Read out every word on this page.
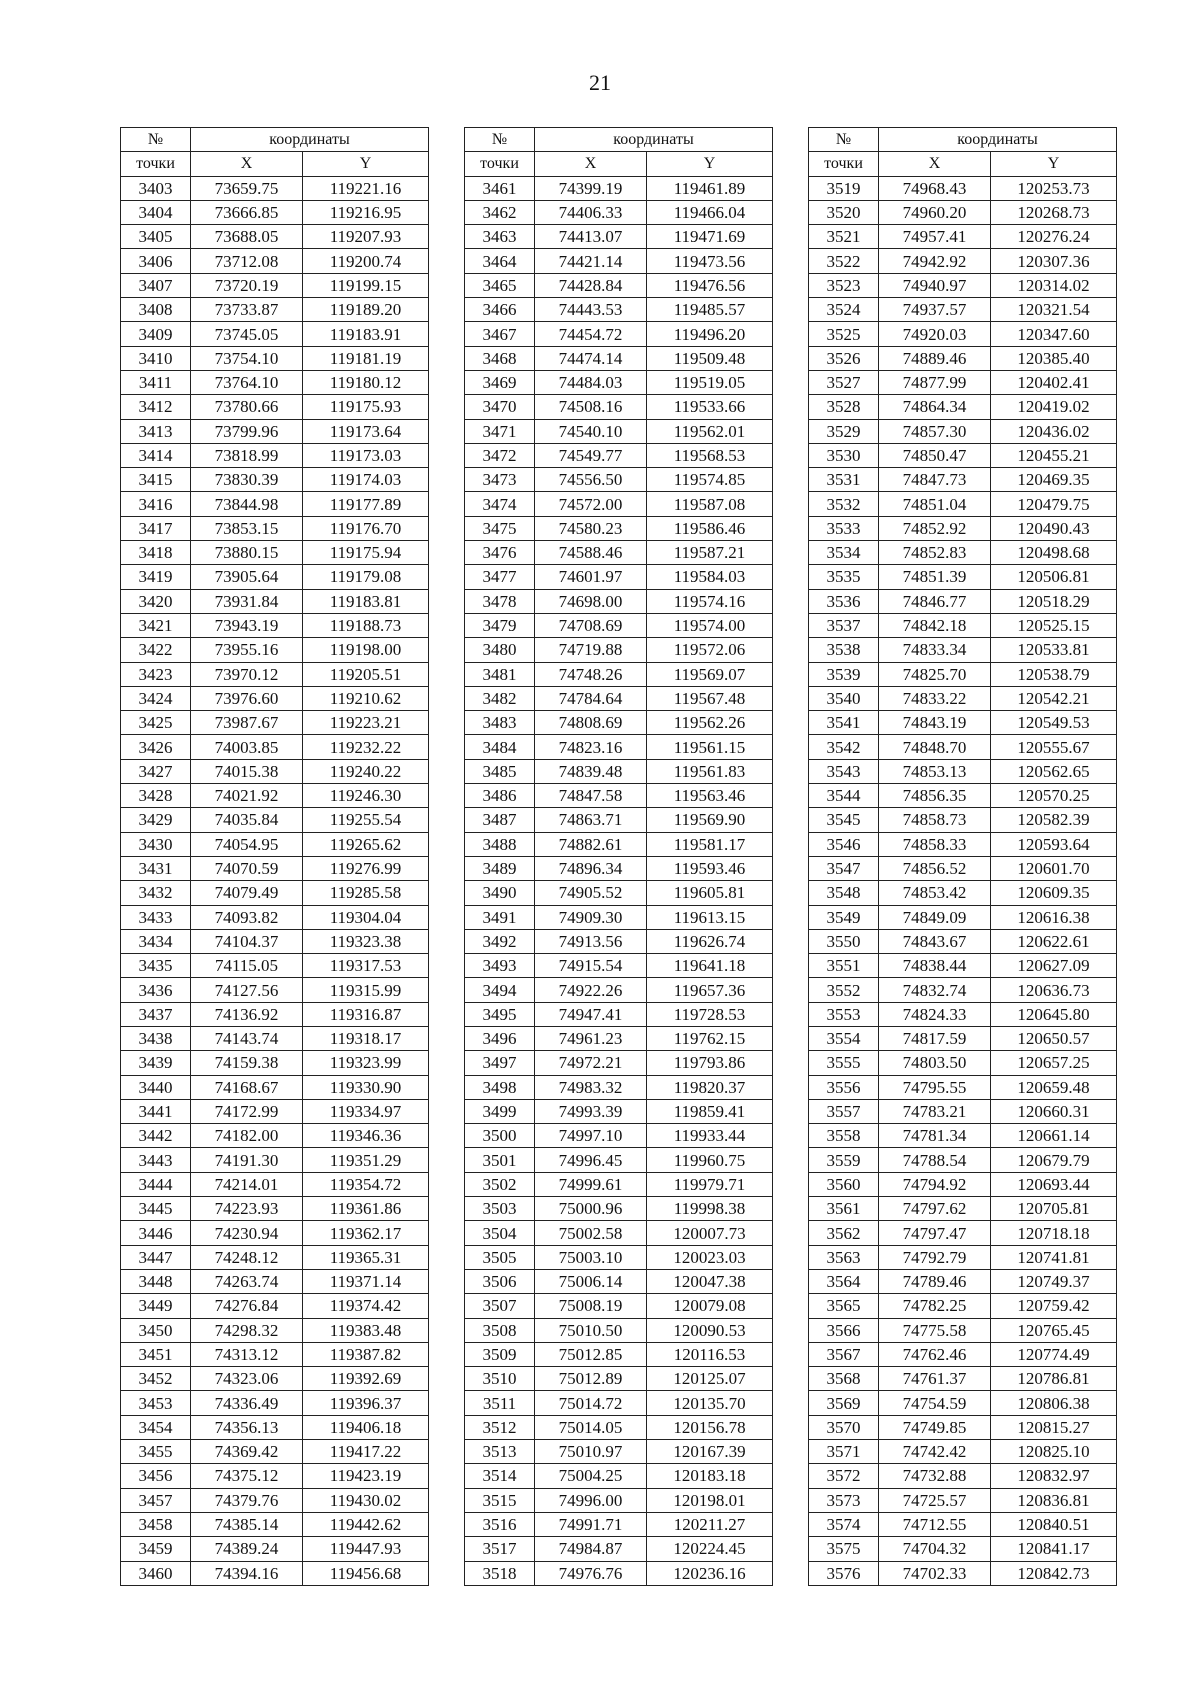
21
№	координаты	
точки	X	Y
3403	73659.75	119221.16
3404	73666.85	119216.95
3405	73688.05	119207.93
3406	73712.08	119200.74
3407	73720.19	119199.15
3408	73733.87	119189.20
3409	73745.05	119183.91
3410	73754.10	119181.19
3411	73764.10	119180.12
3412	73780.66	119175.93
3413	73799.96	119173.64
3414	73818.99	119173.03
3415	73830.39	119174.03
3416	73844.98	119177.89
3417	73853.15	119176.70
3418	73880.15	119175.94
3419	73905.64	119179.08
3420	73931.84	119183.81
3421	73943.19	119188.73
3422	73955.16	119198.00
3423	73970.12	119205.51
3424	73976.60	119210.62
3425	73987.67	119223.21
3426	74003.85	119232.22
3427	74015.38	119240.22
3428	74021.92	119246.30
3429	74035.84	119255.54
3430	74054.95	119265.62
3431	74070.59	119276.99
3432	74079.49	119285.58
3433	74093.82	119304.04
3434	74104.37	119323.38
3435	74115.05	119317.53
3436	74127.56	119315.99
3437	74136.92	119316.87
3438	74143.74	119318.17
3439	74159.38	119323.99
3440	74168.67	119330.90
3441	74172.99	119334.97
3442	74182.00	119346.36
3443	74191.30	119351.29
3444	74214.01	119354.72
3445	74223.93	119361.86
3446	74230.94	119362.17
3447	74248.12	119365.31
3448	74263.74	119371.14
3449	74276.84	119374.42
3450	74298.32	119383.48
3451	74313.12	119387.82
3452	74323.06	119392.69
3453	74336.49	119396.37
3454	74356.13	119406.18
3455	74369.42	119417.22
3456	74375.12	119423.19
3457	74379.76	119430.02
3458	74385.14	119442.62
3459	74389.24	119447.93
3460	74394.16	119456.68
№	координаты	
точки	X	Y
3461	74399.19	119461.89
3462	74406.33	119466.04
3463	74413.07	119471.69
3464	74421.14	119473.56
3465	74428.84	119476.56
3466	74443.53	119485.57
3467	74454.72	119496.20
3468	74474.14	119509.48
3469	74484.03	119519.05
3470	74508.16	119533.66
3471	74540.10	119562.01
3472	74549.77	119568.53
3473	74556.50	119574.85
3474	74572.00	119587.08
3475	74580.23	119586.46
3476	74588.46	119587.21
3477	74601.97	119584.03
3478	74698.00	119574.16
3479	74708.69	119574.00
3480	74719.88	119572.06
3481	74748.26	119569.07
3482	74784.64	119567.48
3483	74808.69	119562.26
3484	74823.16	119561.15
3485	74839.48	119561.83
3486	74847.58	119563.46
3487	74863.71	119569.90
3488	74882.61	119581.17
3489	74896.34	119593.46
3490	74905.52	119605.81
3491	74909.30	119613.15
3492	74913.56	119626.74
3493	74915.54	119641.18
3494	74922.26	119657.36
3495	74947.41	119728.53
3496	74961.23	119762.15
3497	74972.21	119793.86
3498	74983.32	119820.37
3499	74993.39	119859.41
3500	74997.10	119933.44
3501	74996.45	119960.75
3502	74999.61	119979.71
3503	75000.96	119998.38
3504	75002.58	120007.73
3505	75003.10	120023.03
3506	75006.14	120047.38
3507	75008.19	120079.08
3508	75010.50	120090.53
3509	75012.85	120116.53
3510	75012.89	120125.07
3511	75014.72	120135.70
3512	75014.05	120156.78
3513	75010.97	120167.39
3514	75004.25	120183.18
3515	74996.00	120198.01
3516	74991.71	120211.27
3517	74984.87	120224.45
3518	74976.76	120236.16
№	координаты	
точки	X	Y
3519	74968.43	120253.73
3520	74960.20	120268.73
3521	74957.41	120276.24
3522	74942.92	120307.36
3523	74940.97	120314.02
3524	74937.57	120321.54
3525	74920.03	120347.60
3526	74889.46	120385.40
3527	74877.99	120402.41
3528	74864.34	120419.02
3529	74857.30	120436.02
3530	74850.47	120455.21
3531	74847.73	120469.35
3532	74851.04	120479.75
3533	74852.92	120490.43
3534	74852.83	120498.68
3535	74851.39	120506.81
3536	74846.77	120518.29
3537	74842.18	120525.15
3538	74833.34	120533.81
3539	74825.70	120538.79
3540	74833.22	120542.21
3541	74843.19	120549.53
3542	74848.70	120555.67
3543	74853.13	120562.65
3544	74856.35	120570.25
3545	74858.73	120582.39
3546	74858.33	120593.64
3547	74856.52	120601.70
3548	74853.42	120609.35
3549	74849.09	120616.38
3550	74843.67	120622.61
3551	74838.44	120627.09
3552	74832.74	120636.73
3553	74824.33	120645.80
3554	74817.59	120650.57
3555	74803.50	120657.25
3556	74795.55	120659.48
3557	74783.21	120660.31
3558	74781.34	120661.14
3559	74788.54	120679.79
3560	74794.92	120693.44
3561	74797.62	120705.81
3562	74797.47	120718.18
3563	74792.79	120741.81
3564	74789.46	120749.37
3565	74782.25	120759.42
3566	74775.58	120765.45
3567	74762.46	120774.49
3568	74761.37	120786.81
3569	74754.59	120806.38
3570	74749.85	120815.27
3571	74742.42	120825.10
3572	74732.88	120832.97
3573	74725.57	120836.81
3574	74712.55	120840.51
3575	74704.32	120841.17
3576	74702.33	120842.73
